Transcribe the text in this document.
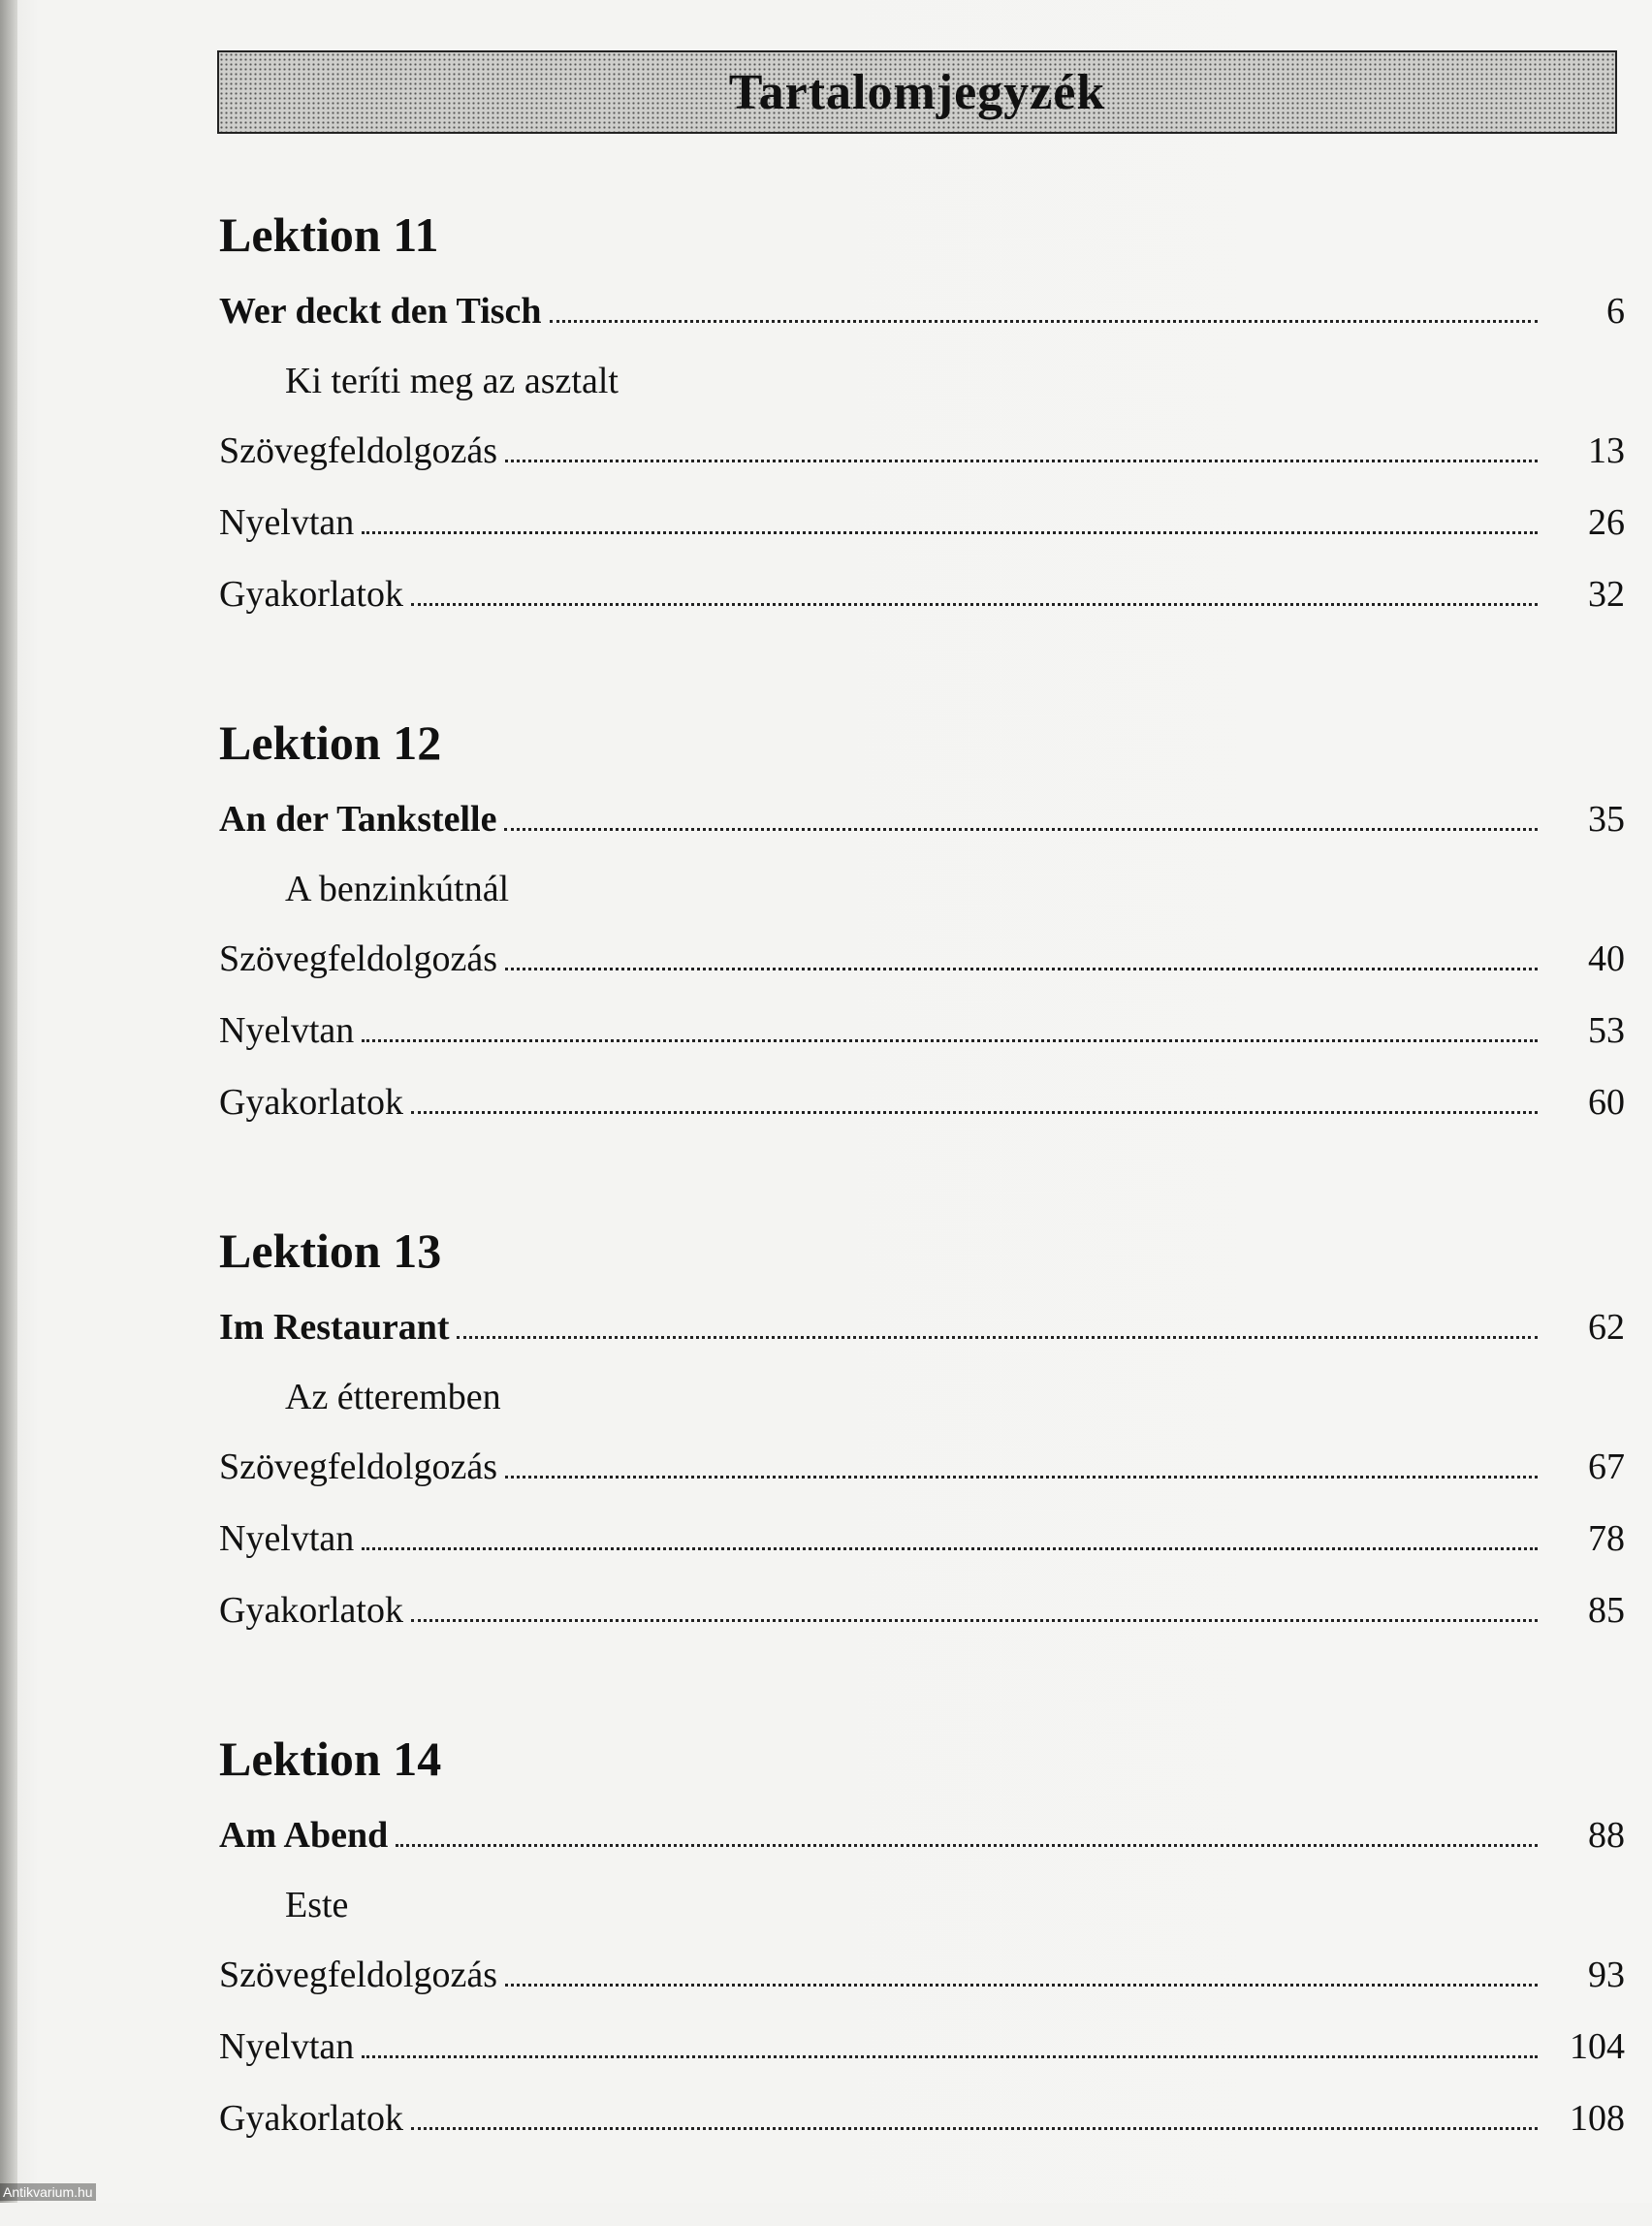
Tartalomjegyzék
Lektion 11
Wer deckt den Tisch	6
Ki teríti meg az asztalt
Szövegfeldolgozás	13
Nyelvtan	26
Gyakorlatok	32
Lektion 12
An der Tankstelle	35
A benzinkútnál
Szövegfeldolgozás	40
Nyelvtan	53
Gyakorlatok	60
Lektion 13
Im Restaurant	62
Az étteremben
Szövegfeldolgozás	67
Nyelvtan	78
Gyakorlatok	85
Lektion 14
Am Abend	88
Este
Szövegfeldolgozás	93
Nyelvtan	104
Gyakorlatok	108
Antikvarium.hu
